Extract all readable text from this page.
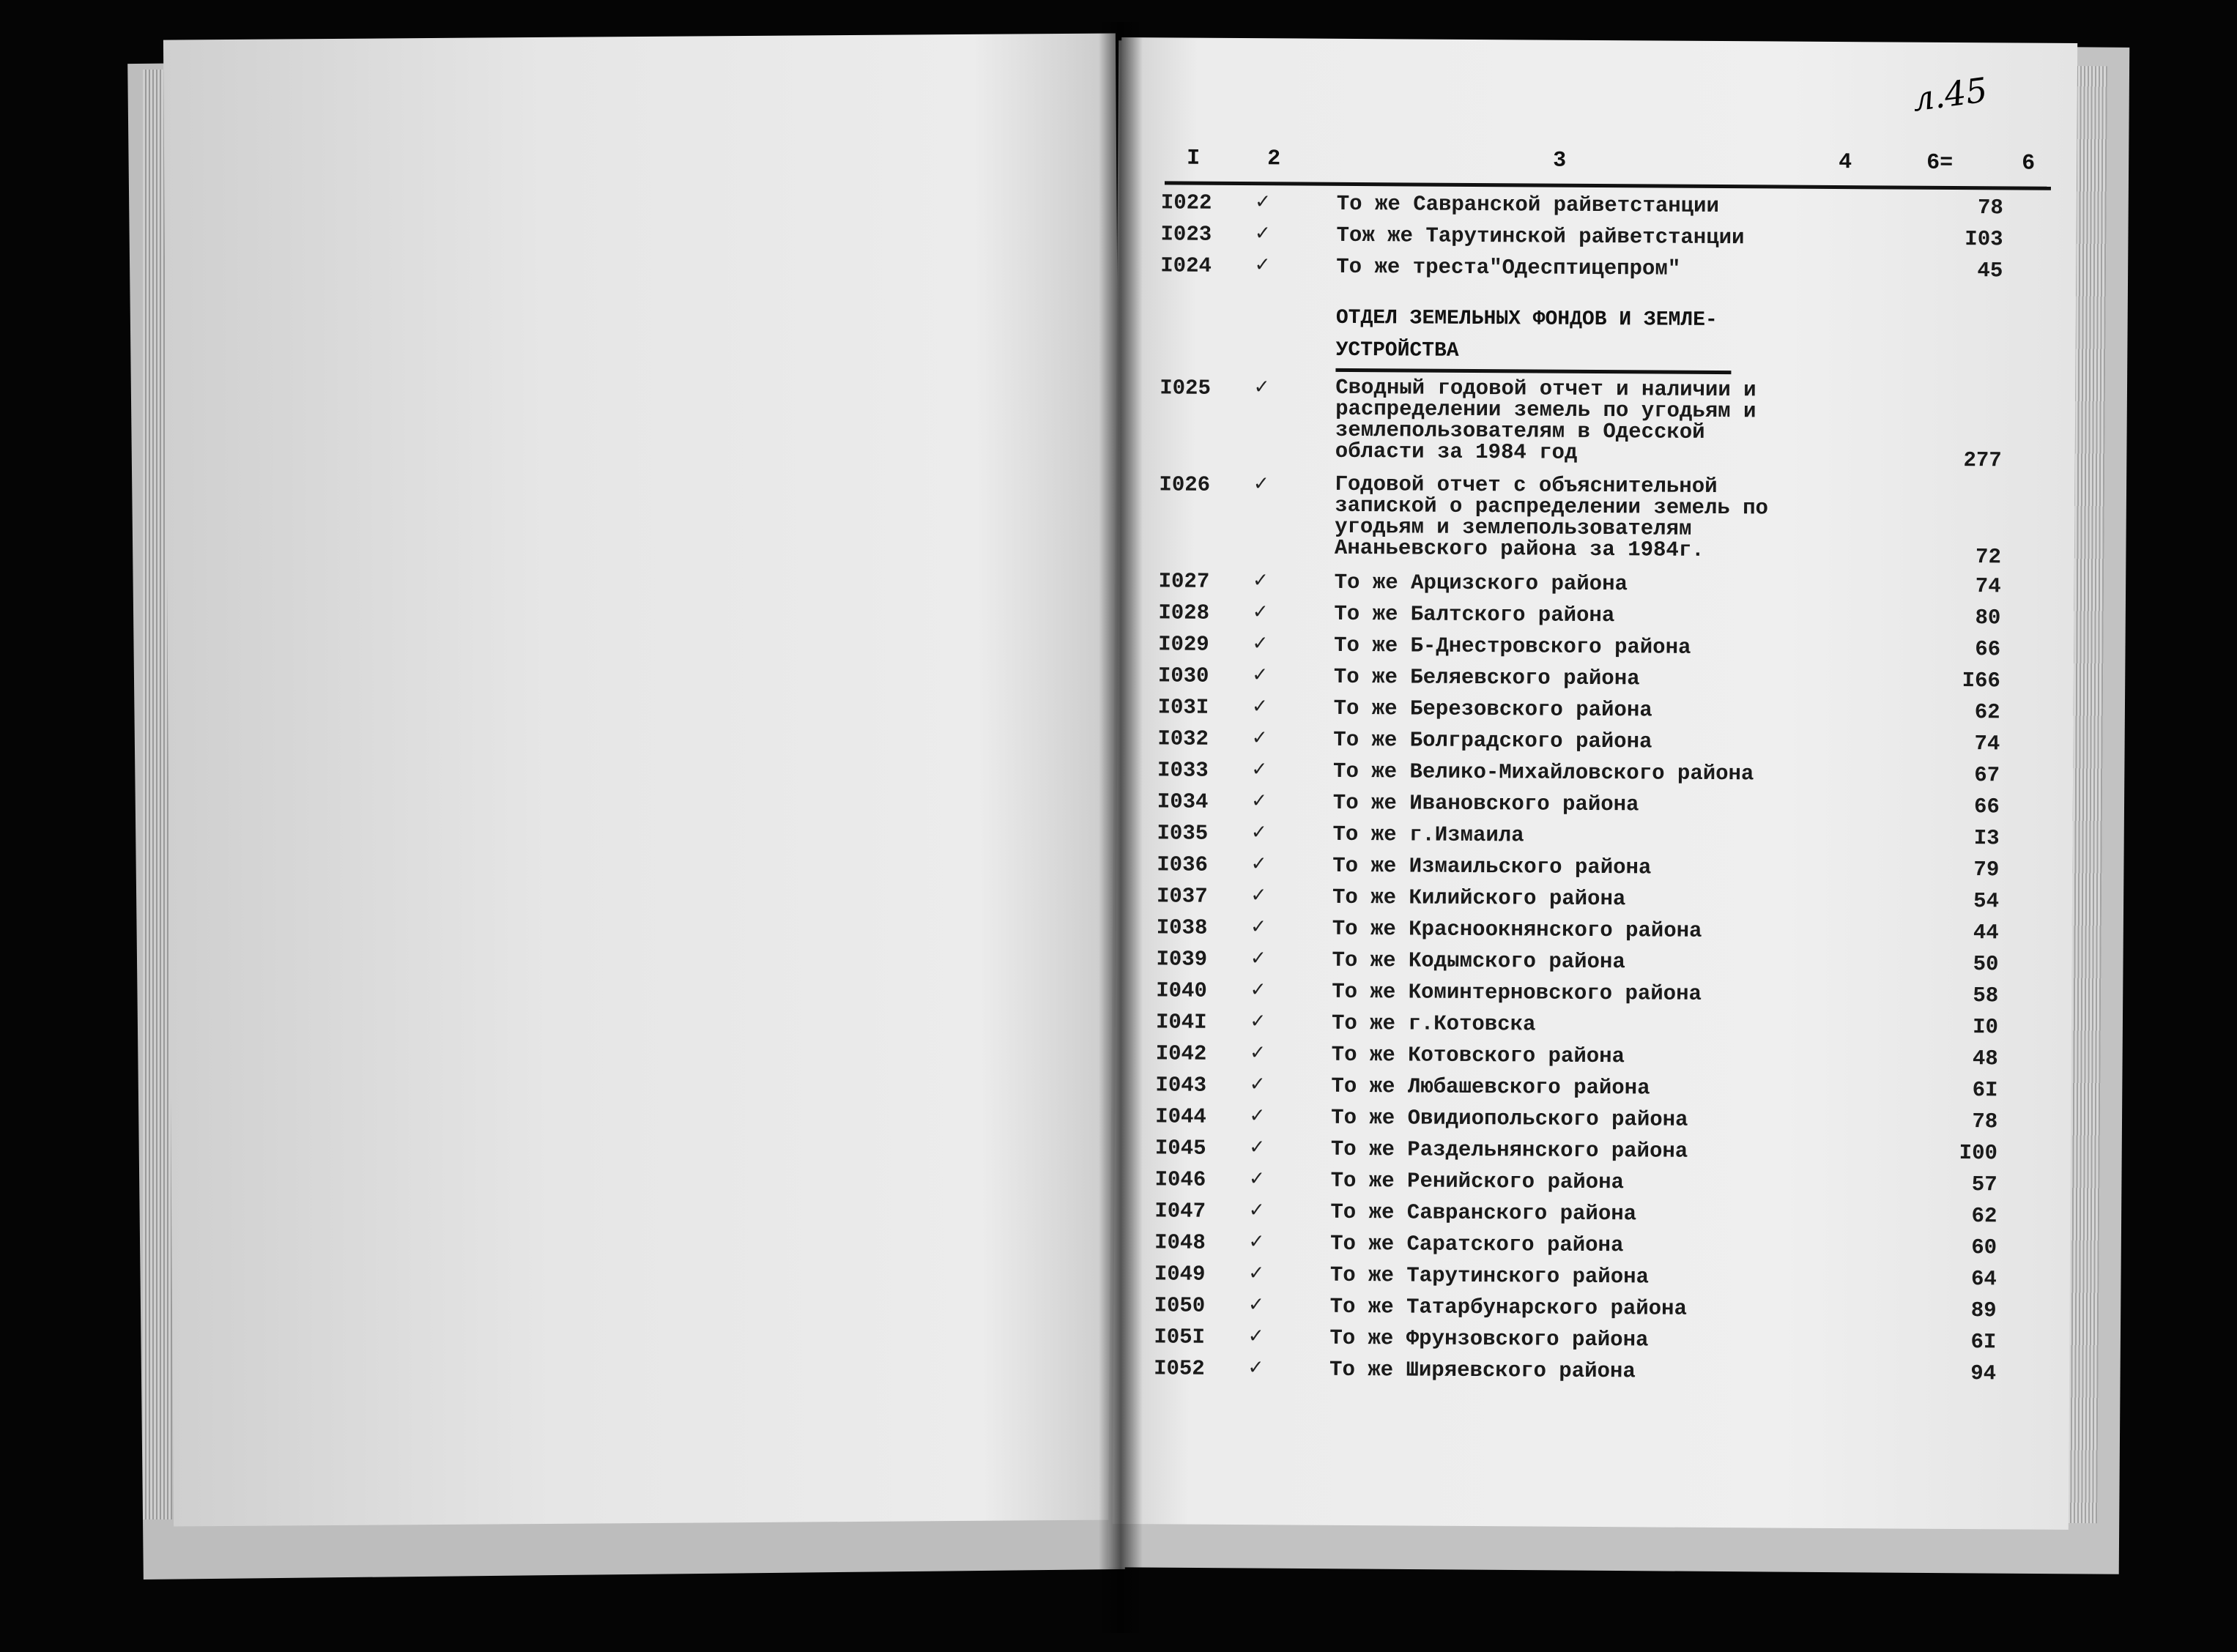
л.45
I	2	3	4	6=	6
I022	✓	То же Савранской райветстанции	78
I023	✓	Тож же Тарутинской райветстанции	I03
I024	✓	То же треста"Одесптицепром"	45
ОТДЕЛ ЗЕМЕЛЬНЫХ ФОНДОВ И ЗЕМЛЕ-УСТРОЙСТВА
I025	✓	Сводный годовой отчет и наличии и распределении земель по угодьям и землепользователям в Одесской области за 1984 год	277
I026	✓	Годовой отчет с объяснительной запиской о распределении земель по угодьям и землепользователям Ананьевского района за 1984г.	72
I027	✓	То же Арцизского района	74
I028	✓	То же Балтского района	80
I029	✓	То же Б-Днестровского района	66
I030	✓	То же Беляевского района	I66
I03I	✓	То же Березовского района	62
I032	✓	То же Болградского района	74
I033	✓	То же Велико-Михайловского района	67
I034	✓	То же Ивановского района	66
I035	✓	То же г.Измаила	I3
I036	✓	То же Измаильского района	79
I037	✓	То же Килийского района	54
I038	✓	То же Красноокнянского района	44
I039	✓	То же Кодымского района	50
I040	✓	То же Коминтерновского района	58
I04I	✓	То же г.Котовска	I0
I042	✓	То же Котовского района	48
I043	✓	То же Любашевского района	6I
I044	✓	То же Овидиопольского района	78
I045	✓	То же Раздельнянского района	I00
I046	✓	То же Ренийского района	57
I047	✓	То же Савранского района	62
I048	✓	То же Саратского района	60
I049	✓	То же Тарутинского района	64
I050	✓	То же Татарбунарского района	89
I05I	✓	То же Фрунзовского района	6I
I052	✓	То же Ширяевского района	94
